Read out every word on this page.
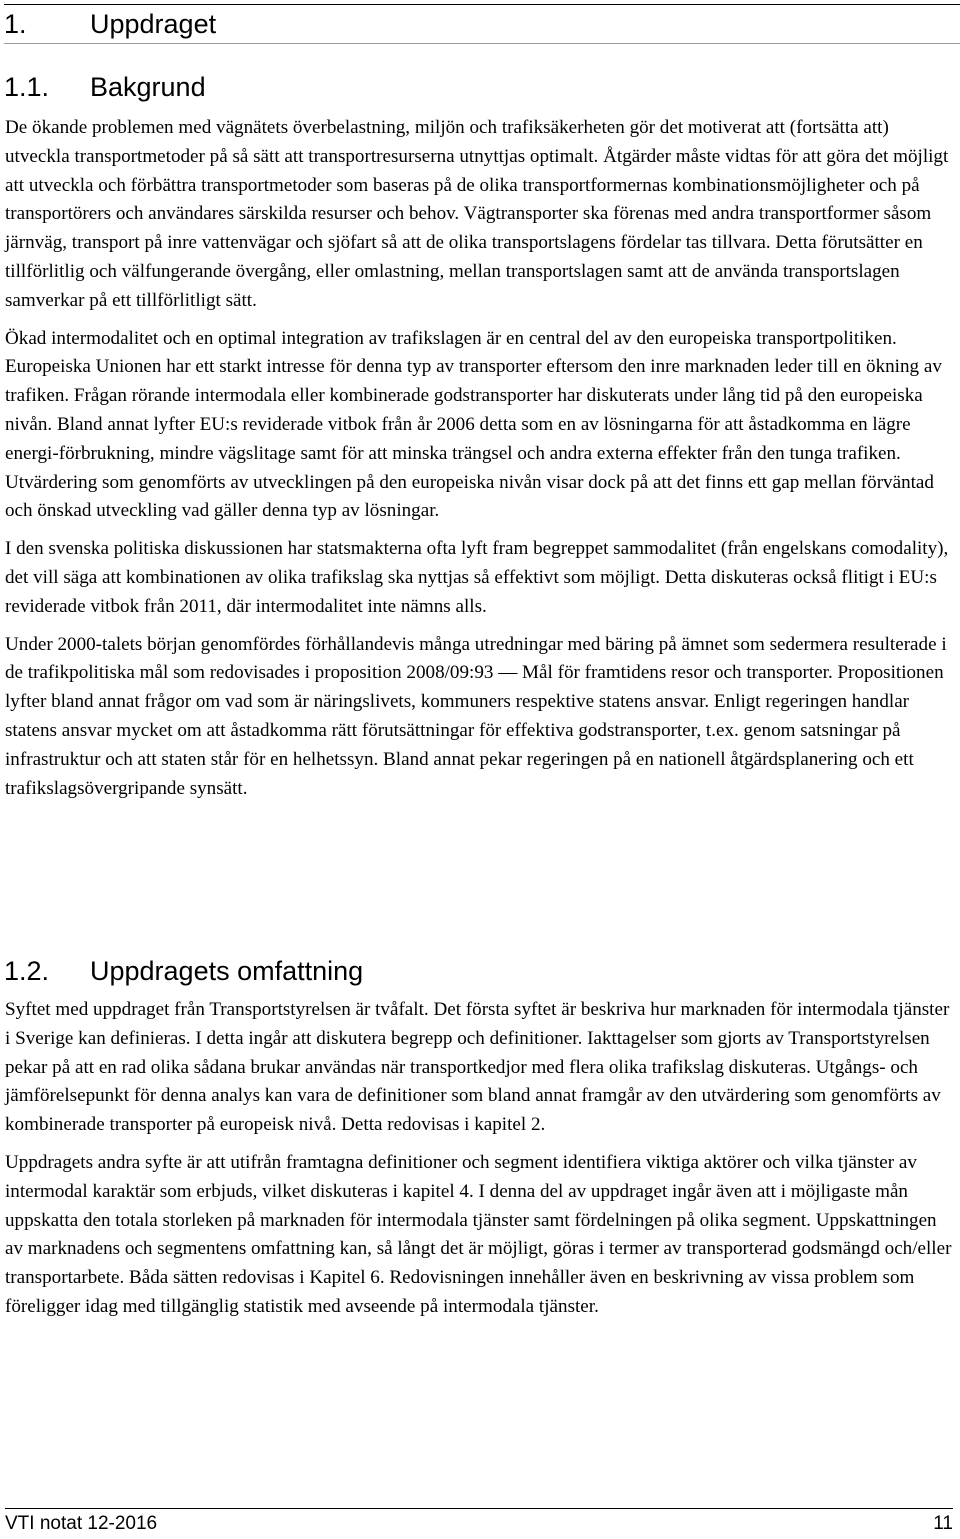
1. Uppdraget
1.1. Bakgrund

De ökande problemen med vägnätets överbelastning, miljön och trafiksäkerheten gör det motiverat att (fortsätta att) utveckla transportmetoder på så sätt att transportresurserna utnyttjas optimalt. Åtgärder måste vidtas för att göra det möjligt att utveckla och förbättra transportmetoder som baseras på de olika transportformernas kombinationsmöjligheter och på transportörers och användares särskilda resurser och behov. Vägtransporter ska förenas med andra transportformer såsom järnväg, transport på inre vattenvägar och sjöfart så att de olika transportslagens fördelar tas tillvara. Detta förutsätter en tillförlitlig och välfungerande övergång, eller omlastning, mellan transportslagen samt att de använda transportslagen samverkar på ett tillförlitligt sätt.

Ökad intermodalitet och en optimal integration av trafikslagen är en central del av den europeiska transportpolitiken. Europeiska Unionen har ett starkt intresse för denna typ av transporter eftersom den inre marknaden leder till en ökning av trafiken. Frågan rörande intermodala eller kombinerade godstransporter har diskuterats under lång tid på den europeiska nivån. Bland annat lyfter EU:s reviderade vitbok från år 2006 detta som en av lösningarna för att åstadkomma en lägre energi-förbrukning, mindre vägslitage samt för att minska trängsel och andra externa effekter från den tunga trafiken. Utvärdering som genomförts av utvecklingen på den europeiska nivån visar dock på att det finns ett gap mellan förväntad och önskad utveckling vad gäller denna typ av lösningar.

I den svenska politiska diskussionen har statsmakterna ofta lyft fram begreppet sammodalitet (från engelskans comodality), det vill säga att kombinationen av olika trafikslag ska nyttjas så effektivt som möjligt. Detta diskuteras också flitigt i EU:s reviderade vitbok från 2011, där intermodalitet inte nämns alls.

Under 2000-talets början genomfördes förhållandevis många utredningar med bäring på ämnet som sedermera resulterade i de trafikpolitiska mål som redovisades i proposition 2008/09:93 — Mål för framtidens resor och transporter. Propositionen lyfter bland annat frågor om vad som är näringslivets, kommuners respektive statens ansvar. Enligt regeringen handlar statens ansvar mycket om att åstadkomma rätt förutsättningar för effektiva godstransporter, t.ex. genom satsningar på infrastruktur och att staten står för en helhetssyn. Bland annat pekar regeringen på en nationell åtgärdsplanering och ett trafikslagsövergripande synsätt.

1.2. Uppdragets omfattning

Syftet med uppdraget från Transportstyrelsen är tvåfalt. Det första syftet är beskriva hur marknaden för intermodala tjänster i Sverige kan definieras. I detta ingår att diskutera begrepp och definitioner. Iakttagelser som gjorts av Transportstyrelsen pekar på att en rad olika sådana brukar användas när transportkedjor med flera olika trafikslag diskuteras. Utgångs- och jämförelsepunkt för denna analys kan vara de definitioner som bland annat framgår av den utvärdering som genomförts av kombinerade transporter på europeisk nivå. Detta redovisas i kapitel 2.

Uppdragets andra syfte är att utifrån framtagna definitioner och segment identifiera viktiga aktörer och vilka tjänster av intermodal karaktär som erbjuds, vilket diskuteras i kapitel 4. I denna del av uppdraget ingår även att i möjligaste mån uppskatta den totala storleken på marknaden för intermodala tjänster samt fördelningen på olika segment. Uppskattningen av marknadens och segmentens omfattning kan, så långt det är möjligt, göras i termer av transporterad godsmängd och/eller transportarbete. Båda sätten redovisas i Kapitel 6. Redovisningen innehåller även en beskrivning av vissa problem som föreligger idag med tillgänglig statistik med avseende på intermodala tjänster.

VTI notat 12-2016	11
